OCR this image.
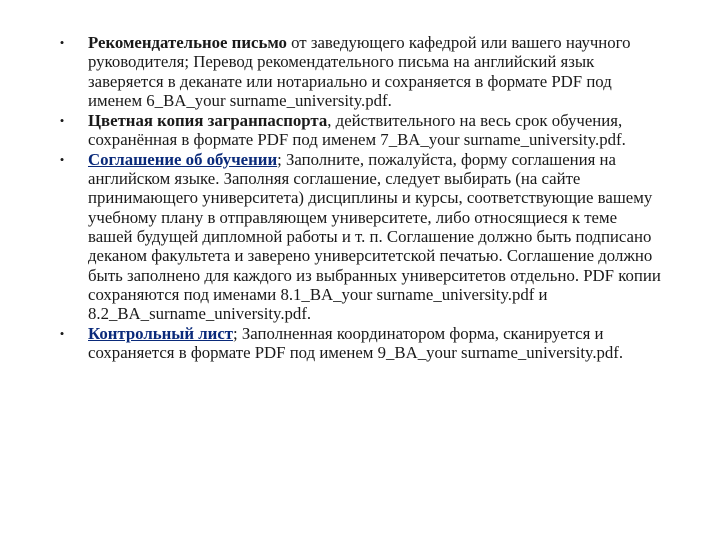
• Рекомендательное письмо от заведующего кафедрой или вашего научного руководителя; Перевод рекомендательного письма на английский язык заверяется в деканате или нотариально и сохраняется в формате PDF под именем 6_BA_your surname_university.pdf.
• Цветная копия загранпаспорта, действительного на весь срок обучения, сохранённая в формате PDF под именем 7_BA_your surname_university.pdf.
• Соглашение об обучении; Заполните, пожалуйста, форму соглашения на английском языке. Заполняя соглашение, следует выбирать (на сайте принимающего университета) дисциплины и курсы, соответствующие вашему учебному плану в отправляющем университете, либо относящиеся к теме вашей будущей дипломной работы и т. п. Соглашение должно быть подписано деканом факультета и заверено университетской печатью. Соглашение должно быть заполнено для каждого из выбранных университетов отдельно. PDF копии сохраняются под именами 8.1_BA_your surname_university.pdf и 8.2_BA_surname_university.pdf.
• Контрольный лист; Заполненная координатором форма, сканируется и сохраняется в формате PDF под именем 9_BA_your surname_university.pdf.
